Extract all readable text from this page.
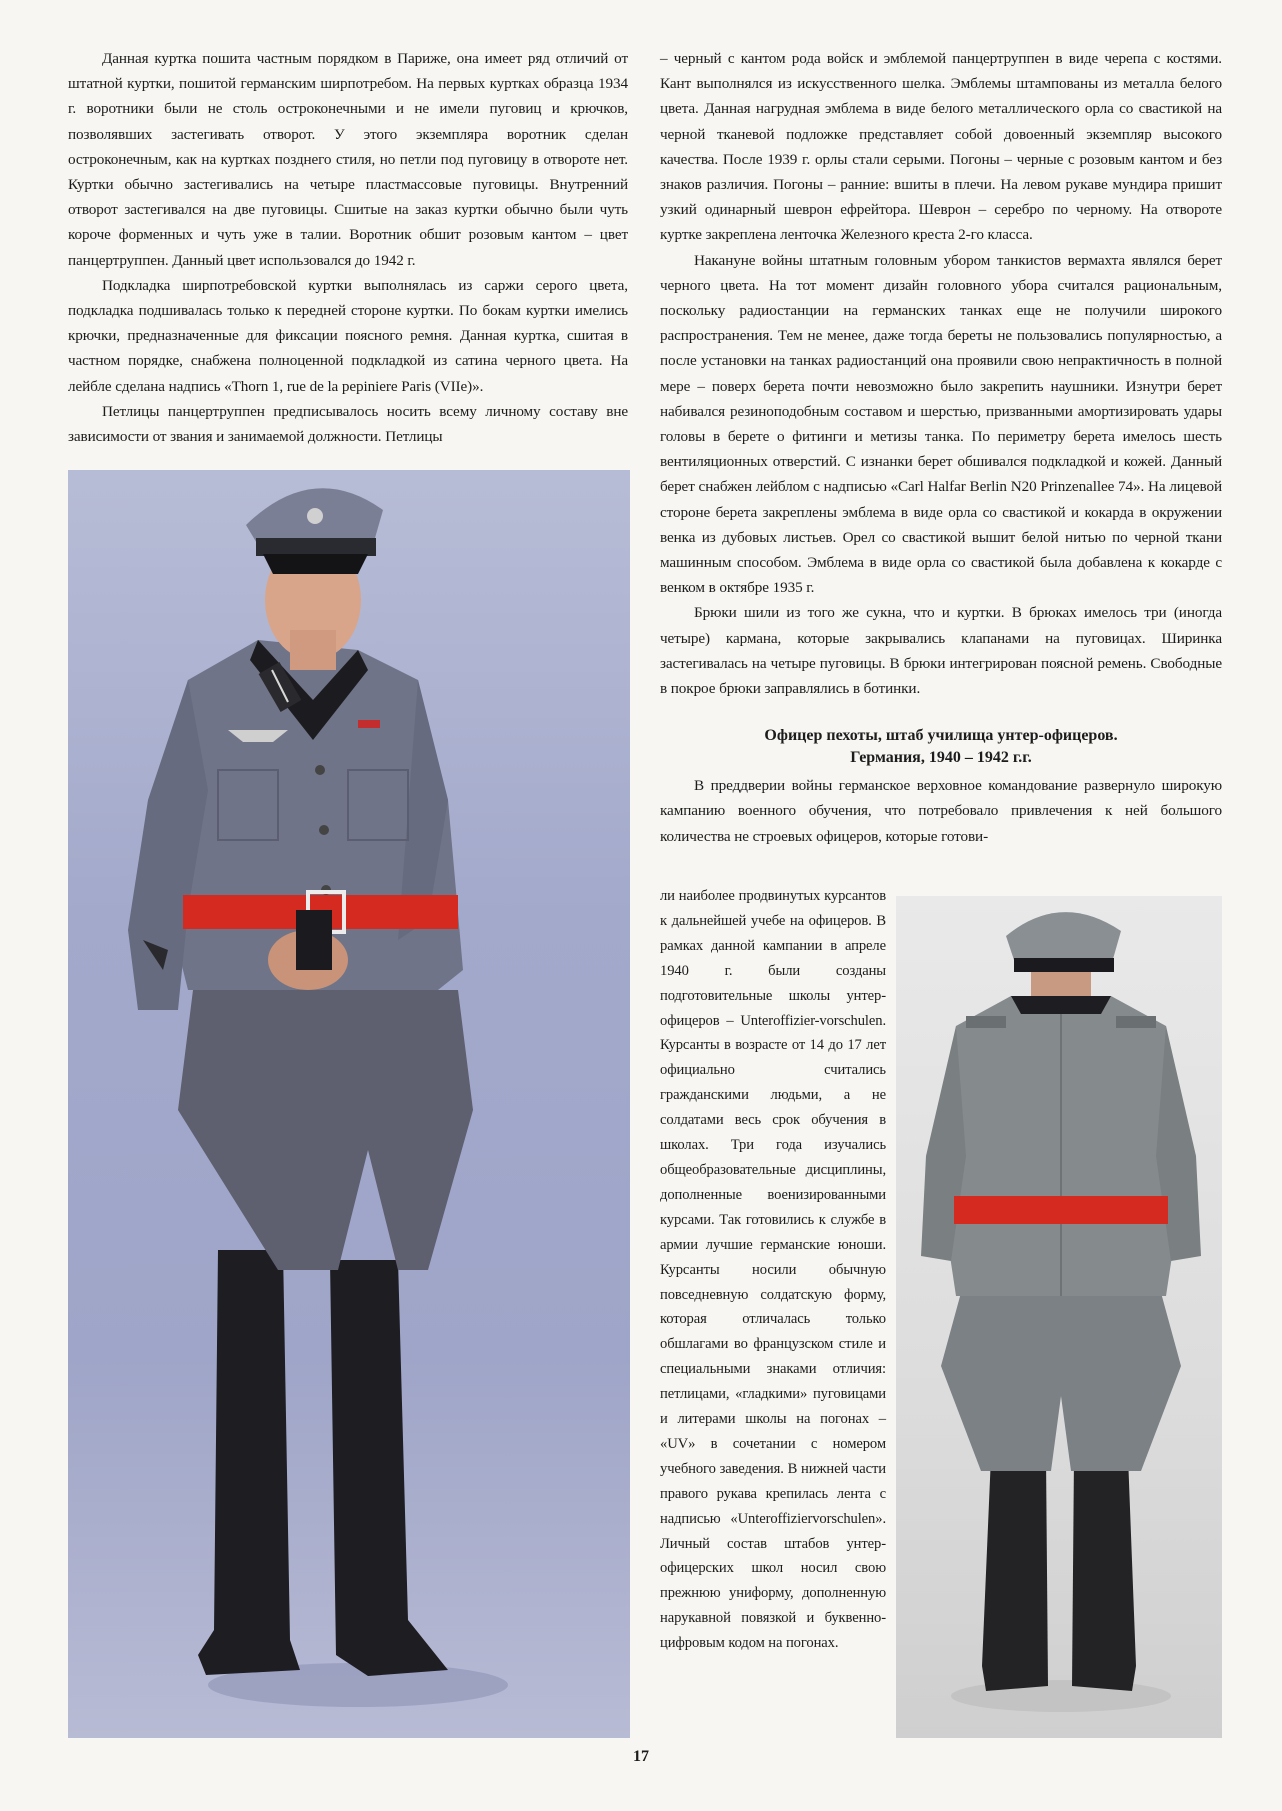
Данная куртка пошита частным порядком в Париже, она имеет ряд отличий от штатной куртки, пошитой германским ширпотребом. На первых куртках образца 1934 г. воротники были не столь остроконечными и не имели пуговиц и крючков, позволявших застегивать отворот. У этого экземпляра воротник сделан остроконечным, как на куртках позднего стиля, но петли под пуговицу в отвороте нет. Куртки обычно застегивались на четыре пластмассовые пуговицы. Внутренний отворот застегивался на две пуговицы. Сшитые на заказ куртки обычно были чуть короче форменных и чуть уже в талии. Воротник обшит розовым кантом – цвет панцертруппен. Данный цвет использовался до 1942 г.

Подкладка ширпотребовской куртки выполнялась из саржи серого цвета, подкладка подшивалась только к передней стороне куртки. По бокам куртки имелись крючки, предназначенные для фиксации поясного ремня. Данная куртка, сшитая в частном порядке, снабжена полноценной подкладкой из сатина черного цвета. На лейбле сделана надпись «Thorn 1, rue de la pepiniere Paris (VIIe)».

Петлицы панцертруппен предписывалось носить всему личному составу вне зависимости от звания и занимаемой должности. Петлицы

– черный с кантом рода войск и эмблемой панцертруппен в виде черепа с костями. Кант выполнялся из искусственного шелка. Эмблемы штампованы из металла белого цвета. Данная нагрудная эмблема в виде белого металлического орла со свастикой на черной тканевой подложке представляет собой довоенный экземпляр высокого качества. После 1939 г. орлы стали серыми. Погоны – черные с розовым кантом и без знаков различия. Погоны – ранние: вшиты в плечи. На левом рукаве мундира пришит узкий одинарный шеврон ефрейтора. Шеврон – серебро по черному. На отвороте куртке закреплена ленточка Железного креста 2-го класса.

Накануне войны штатным головным убором танкистов вермахта являлся берет черного цвета. На тот момент дизайн головного убора считался рациональным, поскольку радиостанции на германских танках еще не получили широкого распространения. Тем не менее, даже тогда береты не пользовались популярностью, а после установки на танках радиостанций она проявили свою непрактичность в полной мере – поверх берета почти невозможно было закрепить наушники. Изнутри берет набивался резиноподобным составом и шерстью, призванными амортизировать удары головы в берете о фитинги и метизы танка. По периметру берета имелось шесть вентиляционных отверстий. С изнанки берет обшивался подкладкой и кожей. Данный берет снабжен лейблом с надписью «Carl Halfar Berlin N20 Prinzenallee 74». На лицевой стороне берета закреплены эмблема в виде орла со свастикой и кокарда в окружении венка из дубовых листьев. Орел со свастикой вышит белой нитью по черной ткани машинным способом. Эмблема в виде орла со свастикой была добавлена к кокарде с венком в октябре 1935 г.

Брюки шили из того же сукна, что и куртки. В брюках имелось три (иногда четыре) кармана, которые закрывались клапанами на пуговицах. Ширинка застегивалась на четыре пуговицы. В брюки интегрирован поясной ремень. Свободные в покрое брюки заправлялись в ботинки.

Офицер пехоты, штаб училища унтер-офицеров.
Германия, 1940 – 1942 г.г.

В преддверии войны германское верховное командование развернуло широкую кампанию военного обучения, что потребовало привлечения к ней большого количества не строевых офицеров, которые готови-

ли наиболее продвинутых курсантов к дальнейшей учебе на офицеров. В рамках данной кампании в апреле 1940 г. были созданы подготовительные школы унтер-офицеров – Unteroffizier-vorschulen. Курсанты в возрасте от 14 до 17 лет официально считались гражданскими людьми, а не солдатами весь срок обучения в школах. Три года изучались общеобразовательные дисциплины, дополненные военизированными курсами. Так готовились к службе в армии лучшие германские юноши. Курсанты носили обычную повседневную солдатскую форму, которая отличалась только обшлагами во французском стиле и специальными знаками отличия: петлицами, «гладкими» пуговицами и литерами школы на погонах – «UV» в сочетании с номером учебного заведения. В нижней части правого рукава крепилась лента с надписью «Unteroffiziervorschulen». Личный состав штабов унтер-офицерских школ носил свою прежнюю униформу, дополненную нарукавной повязкой и буквенно-цифровым кодом на погонах.

17
